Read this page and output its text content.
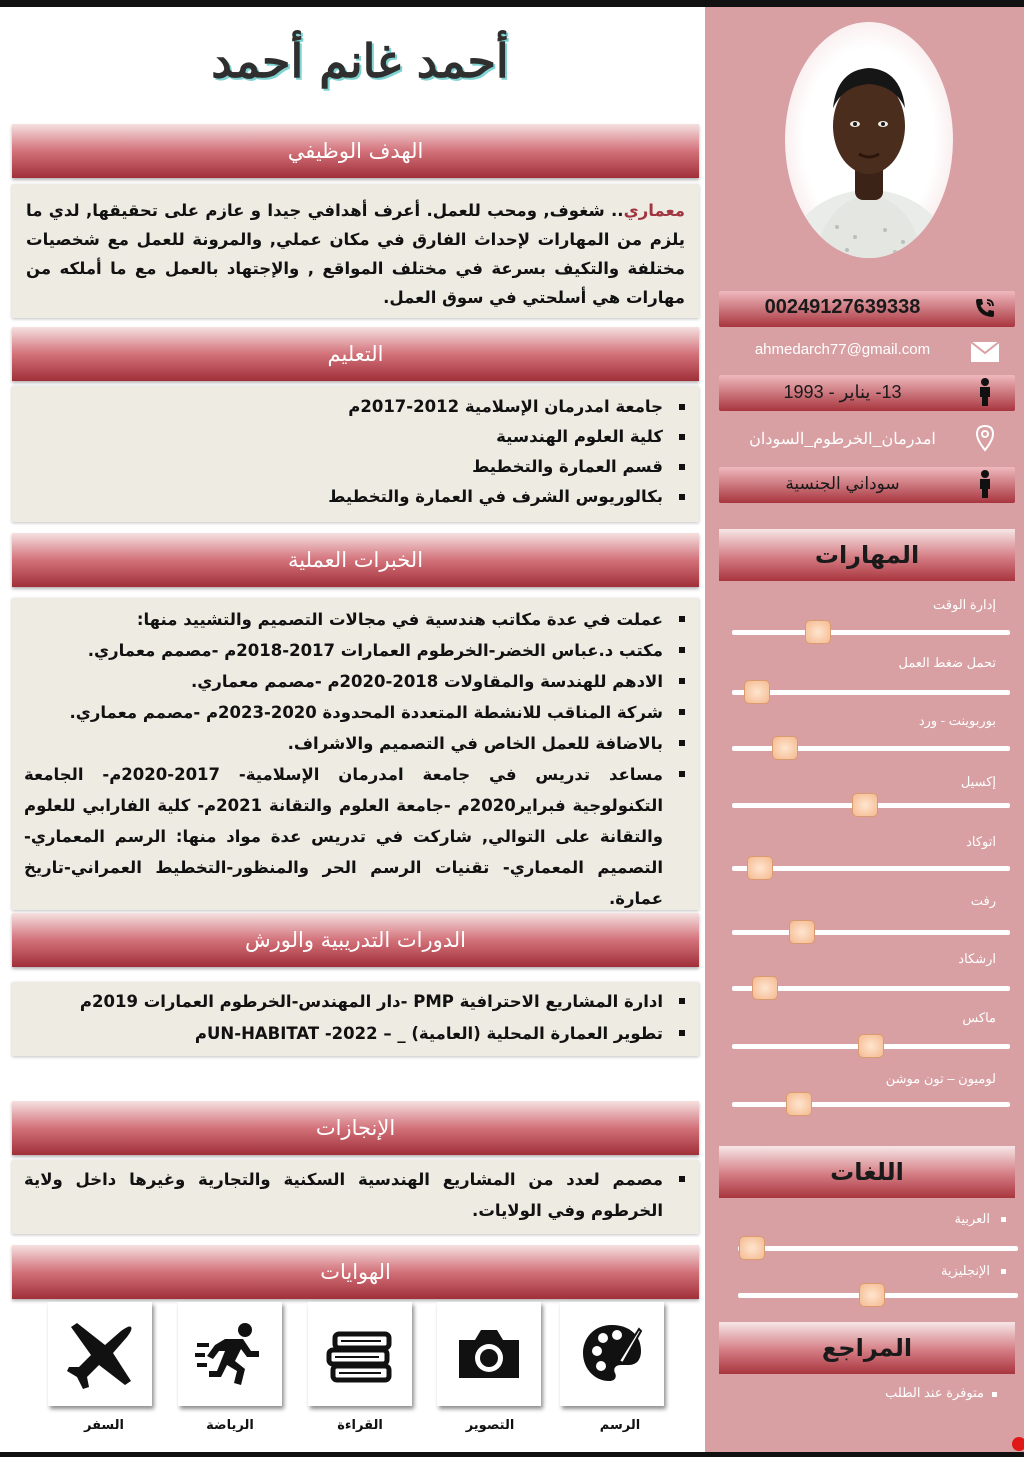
00249127639338
ahmedarch77@gmail.com
13- يناير - 1993
امدرمان_الخرطوم_السودان
سوداني الجنسية
المهارات
إدارة الوقت
تحمل ضغط العمل
بوربوينت - ورد
إكسيل
اتوكاد
رفت
ارشكاد
ماكس
لوميون – تون موشن
اللغات
العربية
الإنجليزية
المراجع
متوفرة عند الطلب
أحمد غانم أحمد
الهدف الوظيفي
معماري.. شغوف, ومحب للعمل. أعرف أهدافي جيدا و عازم على تحقيقها, لدي ما يلزم من المهارات لإحداث الفارق في مكان عملي, والمرونة للعمل مع شخصيات مختلفة والتكيف بسرعة في مختلف المواقع , والإجتهاد بالعمل مع ما أملكه من مهارات هي أسلحتي في سوق العمل.
التعليم
جامعة امدرمان الإسلامية 2012-2017م
كلية العلوم الهندسية
قسم العمارة والتخطيط
بكالوريوس الشرف في العمارة والتخطيط
الخبرات العملية
عملت في عدة مكاتب هندسية في مجالات التصميم والتشييد منها:
مكتب د.عباس الخضر-الخرطوم العمارات 2017-2018م -مصمم معماري.
الادهم للهندسة والمقاولات 2018-2020م -مصمم معماري.
شركة المناقب للانشطة المتعددة المحدودة 2020-2023م -مصمم معماري.
بالاضافة للعمل الخاص في التصميم والاشراف.
مساعد تدريس في جامعة امدرمان الإسلامية- 2017-2020م- الجامعة التكنولوجية فبراير2020م -جامعة العلوم والتقانة 2021م- كلية الفارابي للعلوم والتقانة على التوالي, شاركت في تدريس عدة مواد منها: الرسم المعماري-التصميم المعماري- تقنيات الرسم الحر والمنظور-التخطيط العمراني-تاريخ عمارة.
الدورات التدريبية والورش
ادارة المشاريع الاحترافية PMP -دار المهندس-الخرطوم العمارات 2019م
تطوير العمارة المحلية (العامية) _ – UN-HABITAT -2022م
الإنجازات
مصمم لعدد من المشاريع الهندسية السكنية والتجارية وغيرها داخل ولاية الخرطوم وفي الولايات.
الهوايات
الرسم
التصوير
القراءة
الرياضة
السفر
